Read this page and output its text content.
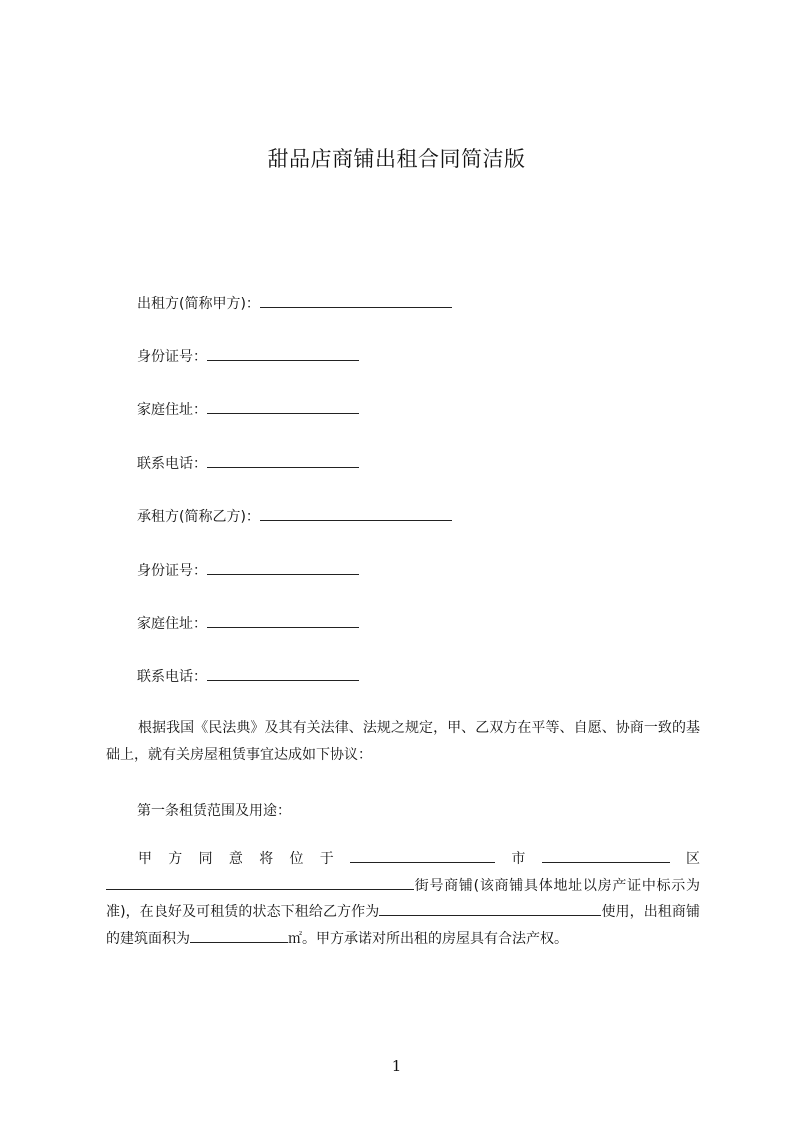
甜品店商铺出租合同简洁版
出租方(简称甲方)：
身份证号：
家庭住址：
联系电话：
承租方(简称乙方)：
身份证号：
家庭住址：
联系电话：

根据我国《民法典》及其有关法律、法规之规定，甲、乙双方在平等、自愿、协商一致的基础上，就有关房屋租赁事宜达成如下协议：

第一条租赁范围及用途：

甲方同意将位于	市	区街号商铺(该商铺具体地址以房产证中标示为准)，在良好及可租赁的状态下租给乙方作为	使用，出租商铺的建筑面积为	㎡。甲方承诺对所出租的房屋具有合法产权。

1
